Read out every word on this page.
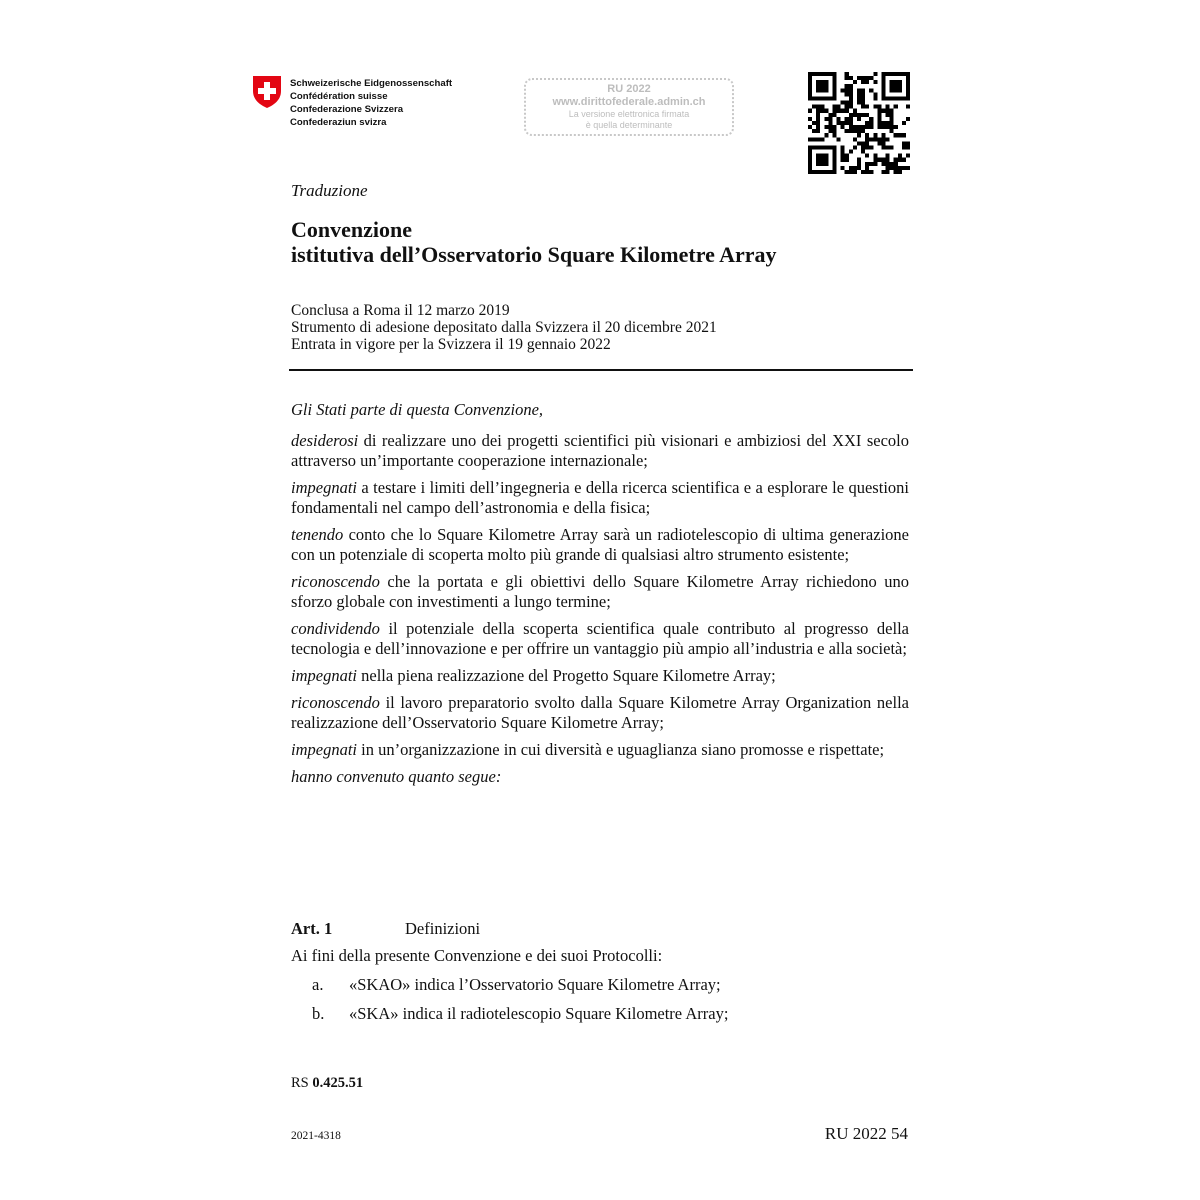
Schweizerische Eidgenossenschaft
Confédération suisse
Confederazione Svizzera
Confederaziun svizra
RU 2022
www.dirittofederale.admin.ch
La versione elettronica firmata
è quella determinante
Traduzione
Convenzione
istitutiva dell’Osservatorio Square Kilometre Array
Conclusa a Roma il 12 marzo 2019
Strumento di adesione depositato dalla Svizzera il 20 dicembre 2021
Entrata in vigore per la Svizzera il 19 gennaio 2022

Gli Stati parte di questa Convenzione,

desiderosi di realizzare uno dei progetti scientifici più visionari e ambiziosi del XXI secolo attraverso un’importante cooperazione internazionale;

impegnati a testare i limiti dell’ingegneria e della ricerca scientifica e a esplorare le questioni fondamentali nel campo dell’astronomia e della fisica;

tenendo conto che lo Square Kilometre Array sarà un radiotelescopio di ultima generazione con un potenziale di scoperta molto più grande di qualsiasi altro strumento esistente;

riconoscendo che la portata e gli obiettivi dello Square Kilometre Array richiedono uno sforzo globale con investimenti a lungo termine;

condividendo il potenziale della scoperta scientifica quale contributo al progresso della tecnologia e dell’innovazione e per offrire un vantaggio più ampio all’industria e alla società;

impegnati nella piena realizzazione del Progetto Square Kilometre Array;

riconoscendo il lavoro preparatorio svolto dalla Square Kilometre Array Organization nella realizzazione dell’Osservatorio Square Kilometre Array;

impegnati in un’organizzazione in cui diversità e uguaglianza siano promosse e rispettate;

hanno convenuto quanto segue:

Art. 1	Definizioni
Ai fini della presente Convenzione e dei suoi Protocolli:
a. «SKAO» indica l’Osservatorio Square Kilometre Array;
b. «SKA» indica il radiotelescopio Square Kilometre Array;
RS 0.425.51
2021-4318	RU 2022 54
